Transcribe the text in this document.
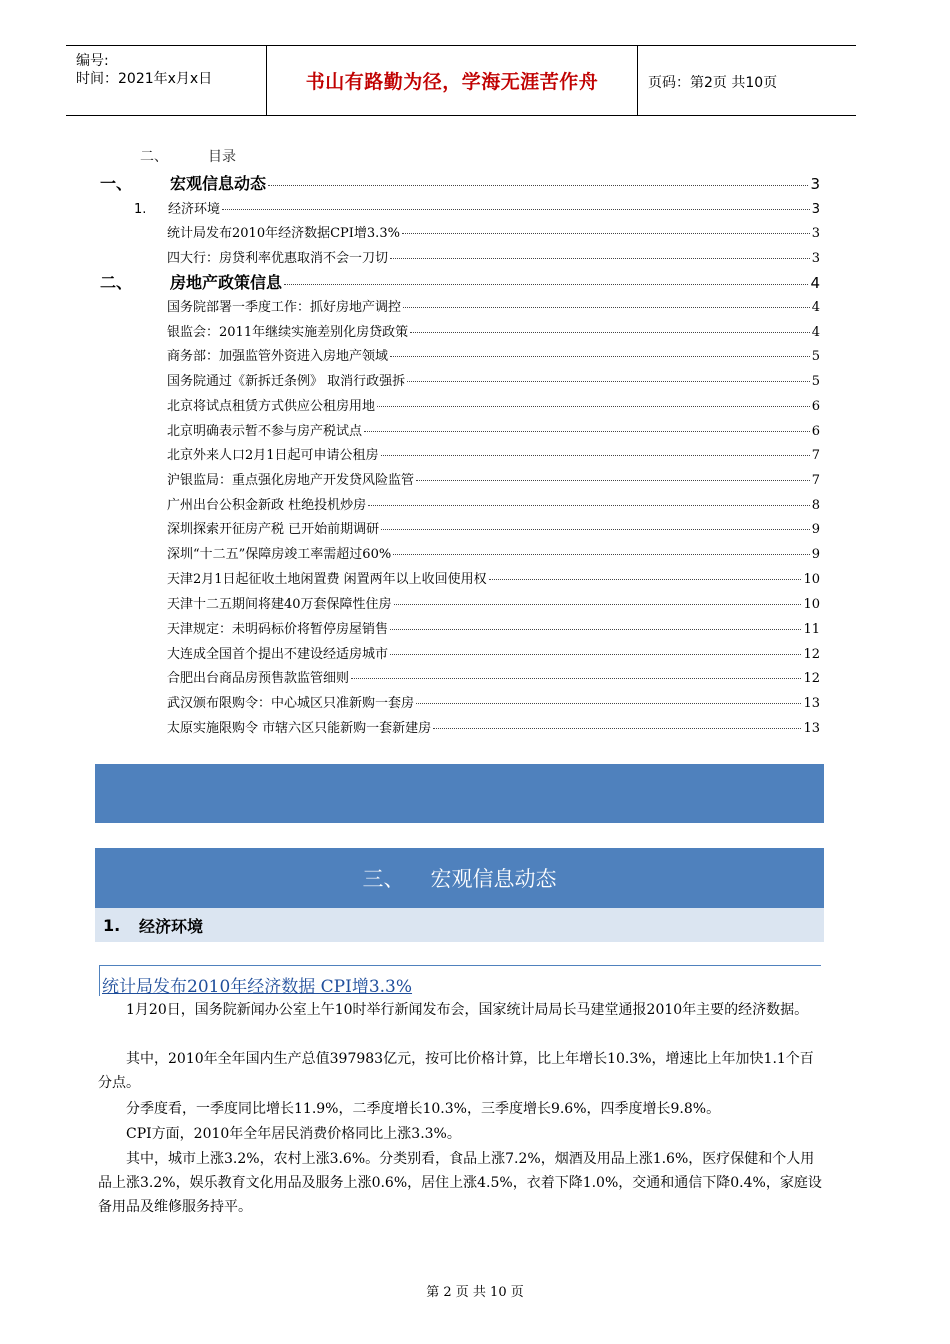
编号:
时间：2021年x月x日	书山有路勤为径，学海无涯苦作舟	页码：第2页 共10页
二、	目录
一、	宏观信息动态	3
1.	经济环境	3
统计局发布2010年经济数据CPI增3.3%	3
四大行：房贷利率优惠取消不会一刀切	3
二、	房地产政策信息	4
国务院部署一季度工作：抓好房地产调控	4
银监会：2011年继续实施差别化房贷政策	4
商务部：加强监管外资进入房地产领域	5
国务院通过《新拆迁条例》 取消行政强拆	5
北京将试点租赁方式供应公租房用地	6
北京明确表示暂不参与房产税试点	6
北京外来人口2月1日起可申请公租房	7
沪银监局：重点强化房地产开发贷风险监管	7
广州出台公积金新政 杜绝投机炒房	8
深圳探索开征房产税 已开始前期调研	9
深圳“十二五”保障房竣工率需超过60%	9
天津2月1日起征收土地闲置费 闲置两年以上收回使用权	10
天津十二五期间将建40万套保障性住房	10
天津规定：未明码标价将暂停房屋销售	11
大连成全国首个提出不建设经适房城市	12
合肥出台商品房预售款监管细则	12
武汉颁布限购令：中心城区只准新购一套房	13
太原实施限购令 市辖六区只能新购一套新建房	13
三、 宏观信息动态
1.	经济环境
统计局发布2010年经济数据 CPI增3.3%
1月20日，国务院新闻办公室上午10时举行新闻发布会，国家统计局局长马建堂通报2010年主要的经济数据。
其中，2010年全年国内生产总值397983亿元，按可比价格计算，比上年增长10.3%，增速比上年加快1.1个百分点。
分季度看，一季度同比增长11.9%，二季度增长10.3%，三季度增长9.6%，四季度增长9.8%。
CPI方面，2010年全年居民消费价格同比上涨3.3%。
其中，城市上涨3.2%，农村上涨3.6%。分类别看，食品上涨7.2%，烟酒及用品上涨1.6%，医疗保健和个人用品上涨3.2%，娱乐教育文化用品及服务上涨0.6%，居住上涨4.5%，衣着下降1.0%，交通和通信下降0.4%，家庭设备用品及维修服务持平。
第 2 页 共 10 页
